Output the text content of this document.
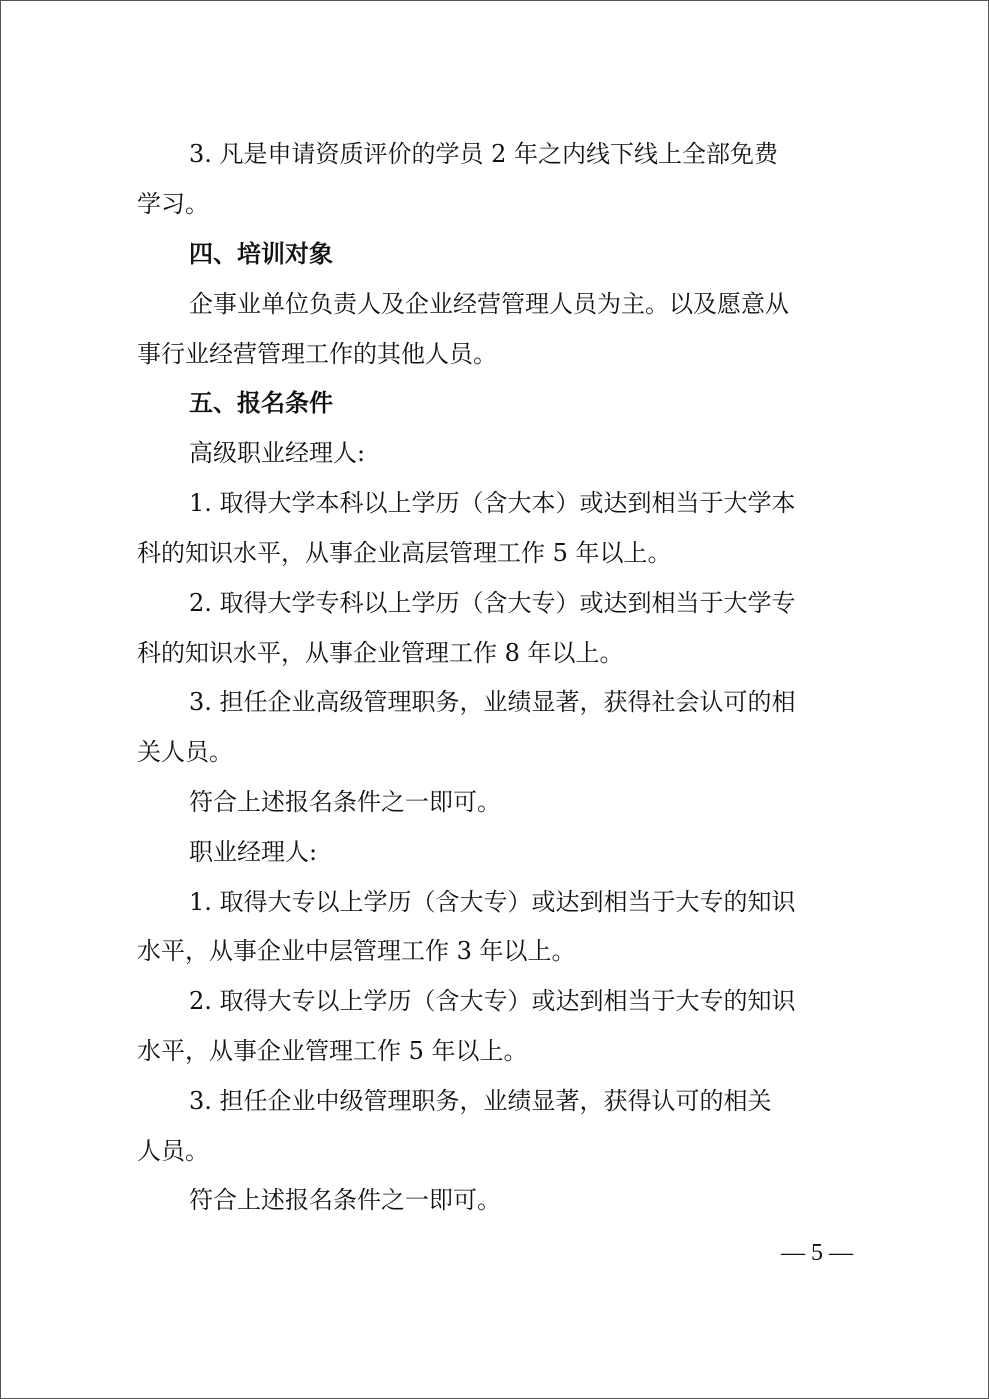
3. 凡是申请资质评价的学员 2 年之内线下线上全部免费

学习。

四、培训对象

企事业单位负责人及企业经营管理人员为主。以及愿意从

事行业经营管理工作的其他人员。

五、报名条件

高级职业经理人:

1. 取得大学本科以上学历（含大本）或达到相当于大学本

科的知识水平，从事企业高层管理工作 5 年以上。

2. 取得大学专科以上学历（含大专）或达到相当于大学专

科的知识水平，从事企业管理工作 8 年以上。

3. 担任企业高级管理职务，业绩显著，获得社会认可的相

关人员。

符合上述报名条件之一即可。

职业经理人:

1. 取得大专以上学历（含大专）或达到相当于大专的知识

水平，从事企业中层管理工作 3 年以上。

2. 取得大专以上学历（含大专）或达到相当于大专的知识

水平，从事企业管理工作 5 年以上。

3. 担任企业中级管理职务，业绩显著，获得认可的相关

人员。

符合上述报名条件之一即可。

— 5 —
